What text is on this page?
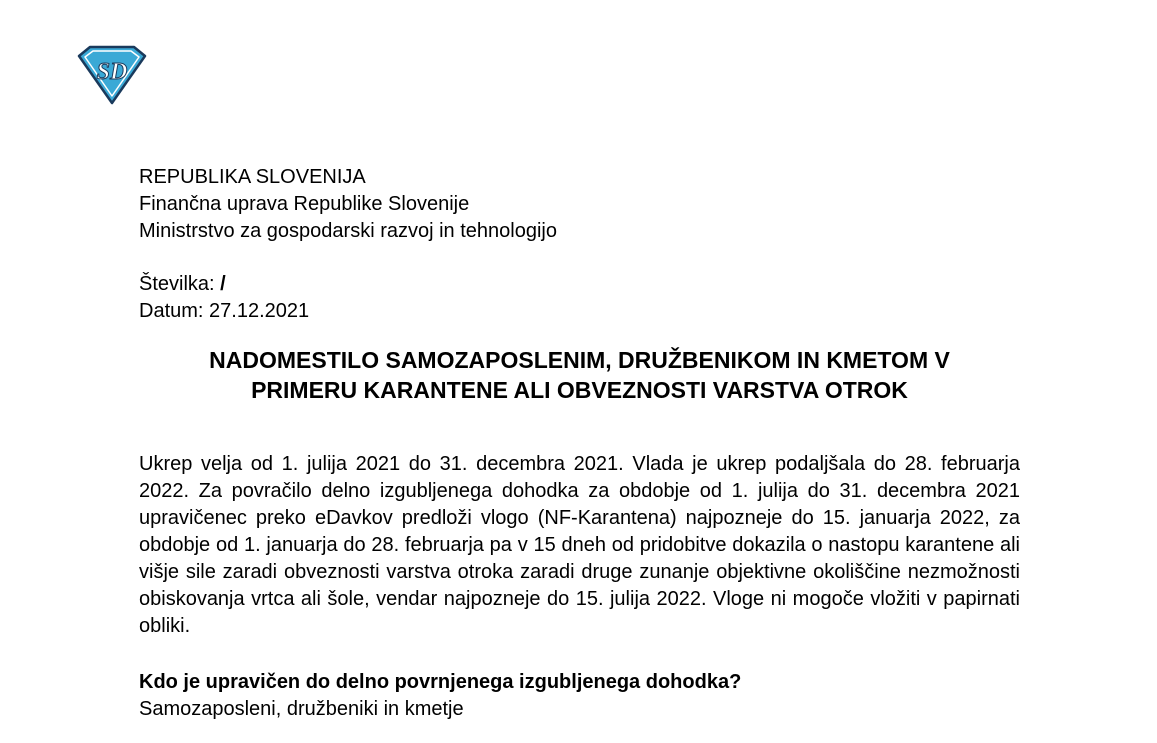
SD
REPUBLIKA SLOVENIJA
Finančna uprava Republike Slovenije
Ministrstvo za gospodarski razvoj in tehnologijo
Številka: /
Datum: 27.12.2021
NADOMESTILO SAMOZAPOSLENIM, DRUŽBENIKOM IN KMETOM V
PRIMERU KARANTENE ALI OBVEZNOSTI VARSTVA OTROK
Ukrep velja od 1. julija 2021 do 31. decembra 2021. Vlada je ukrep podaljšala do 28. februarja 2022. Za povračilo delno izgubljenega dohodka za obdobje od 1. julija do 31. decembra 2021 upravičenec preko eDavkov predloži vlogo (NF-Karantena) najpozneje do 15. januarja 2022, za obdobje od 1. januarja do 28. februarja pa v 15 dneh od pridobitve dokazila o nastopu karantene ali višje sile zaradi obveznosti varstva otroka zaradi druge zunanje objektivne okoliščine nezmožnosti obiskovanja vrtca ali šole, vendar najpozneje do 15. julija 2022. Vloge ni mogoče vložiti v papirnati obliki.
Kdo je upravičen do delno povrnjenega izgubljenega dohodka?
Samozaposleni, družbeniki in kmetje
